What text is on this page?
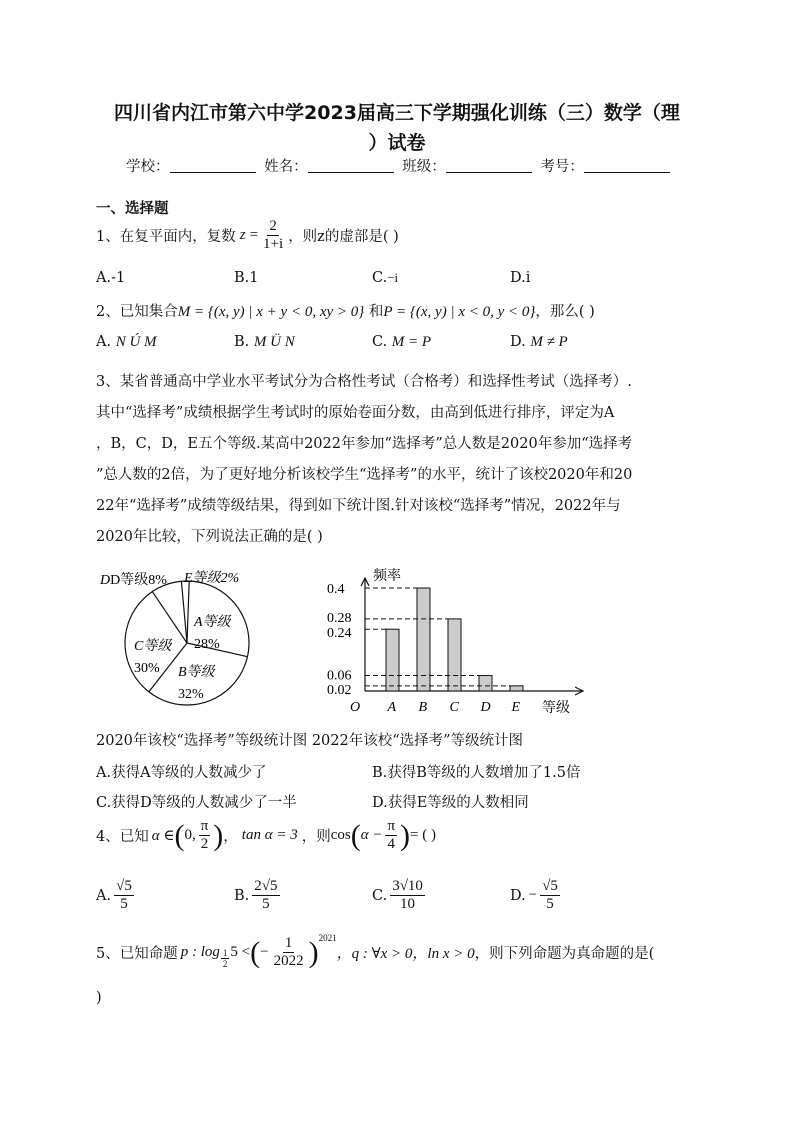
四川省内江市第六中学2023届高三下学期强化训练（三）数学（理
）试卷
学校：	姓名：	班级：	考号：
一、选择题
1、在复平面内，复数 $z = \frac{2}{1+i}$ ，则z的虚部是( )
A.-1	B.1	C.−i	D.i
2、已知集合M = {(x, y) | x + y < 0, xy > 0} 和P = {(x, y) | x < 0, y < 0}，那么( )
A. N Ú M	B. M Ü N	C. M = P	D. M ≠ P
3、某省普通高中学业水平考试分为合格性考试（合格考）和选择性考试（选择考）.
其中“选择考”成绩根据学生考试时的原始卷面分数，由高到低进行排序，评定为A
，B，C，D，E五个等级.某高中2022年参加“选择考”总人数是2020年参加“选择考
”总人数的2倍，为了更好地分析该校学生“选择考”的水平，统计了该校2020年和20
22年“选择考”成绩等级结果，得到如下统计图.针对该校“选择考”情况，2022年与
2020年比较，下列说法正确的是( )
DD等级8% E等级2%
A等级
28%
C等级
30% B等级
32%
频率
等级
O A B C D E
0.4
0.28
0.24
0.06
0.02
2020年该校“选择考”等级统计图 2022年该校“选择考”等级统计图
A.获得A等级的人数减少了	B.获得B等级的人数增加了1.5倍
C.获得D等级的人数减少了一半	D.获得E等级的人数相同
4、已知 α ∈ ( 0, $\frac{\pi}{2}$ ) ， tan α = 3 ，则 cos ( $\alpha - \frac{\pi}{4}$ ) = ( )
A. $\frac{√5}{5}$	B. $\frac{2√5}{5}$	C. $\frac{3√10}{10}$	D. − $\frac{√5}{5}$
5、已知命题 p : $\log \frac{1}{2} 5$ < ( − $\frac{1}{2022}$ ) 2021
，q : ∀x > 0，ln x > 0 ，则下列命题为真命题的是(
)
